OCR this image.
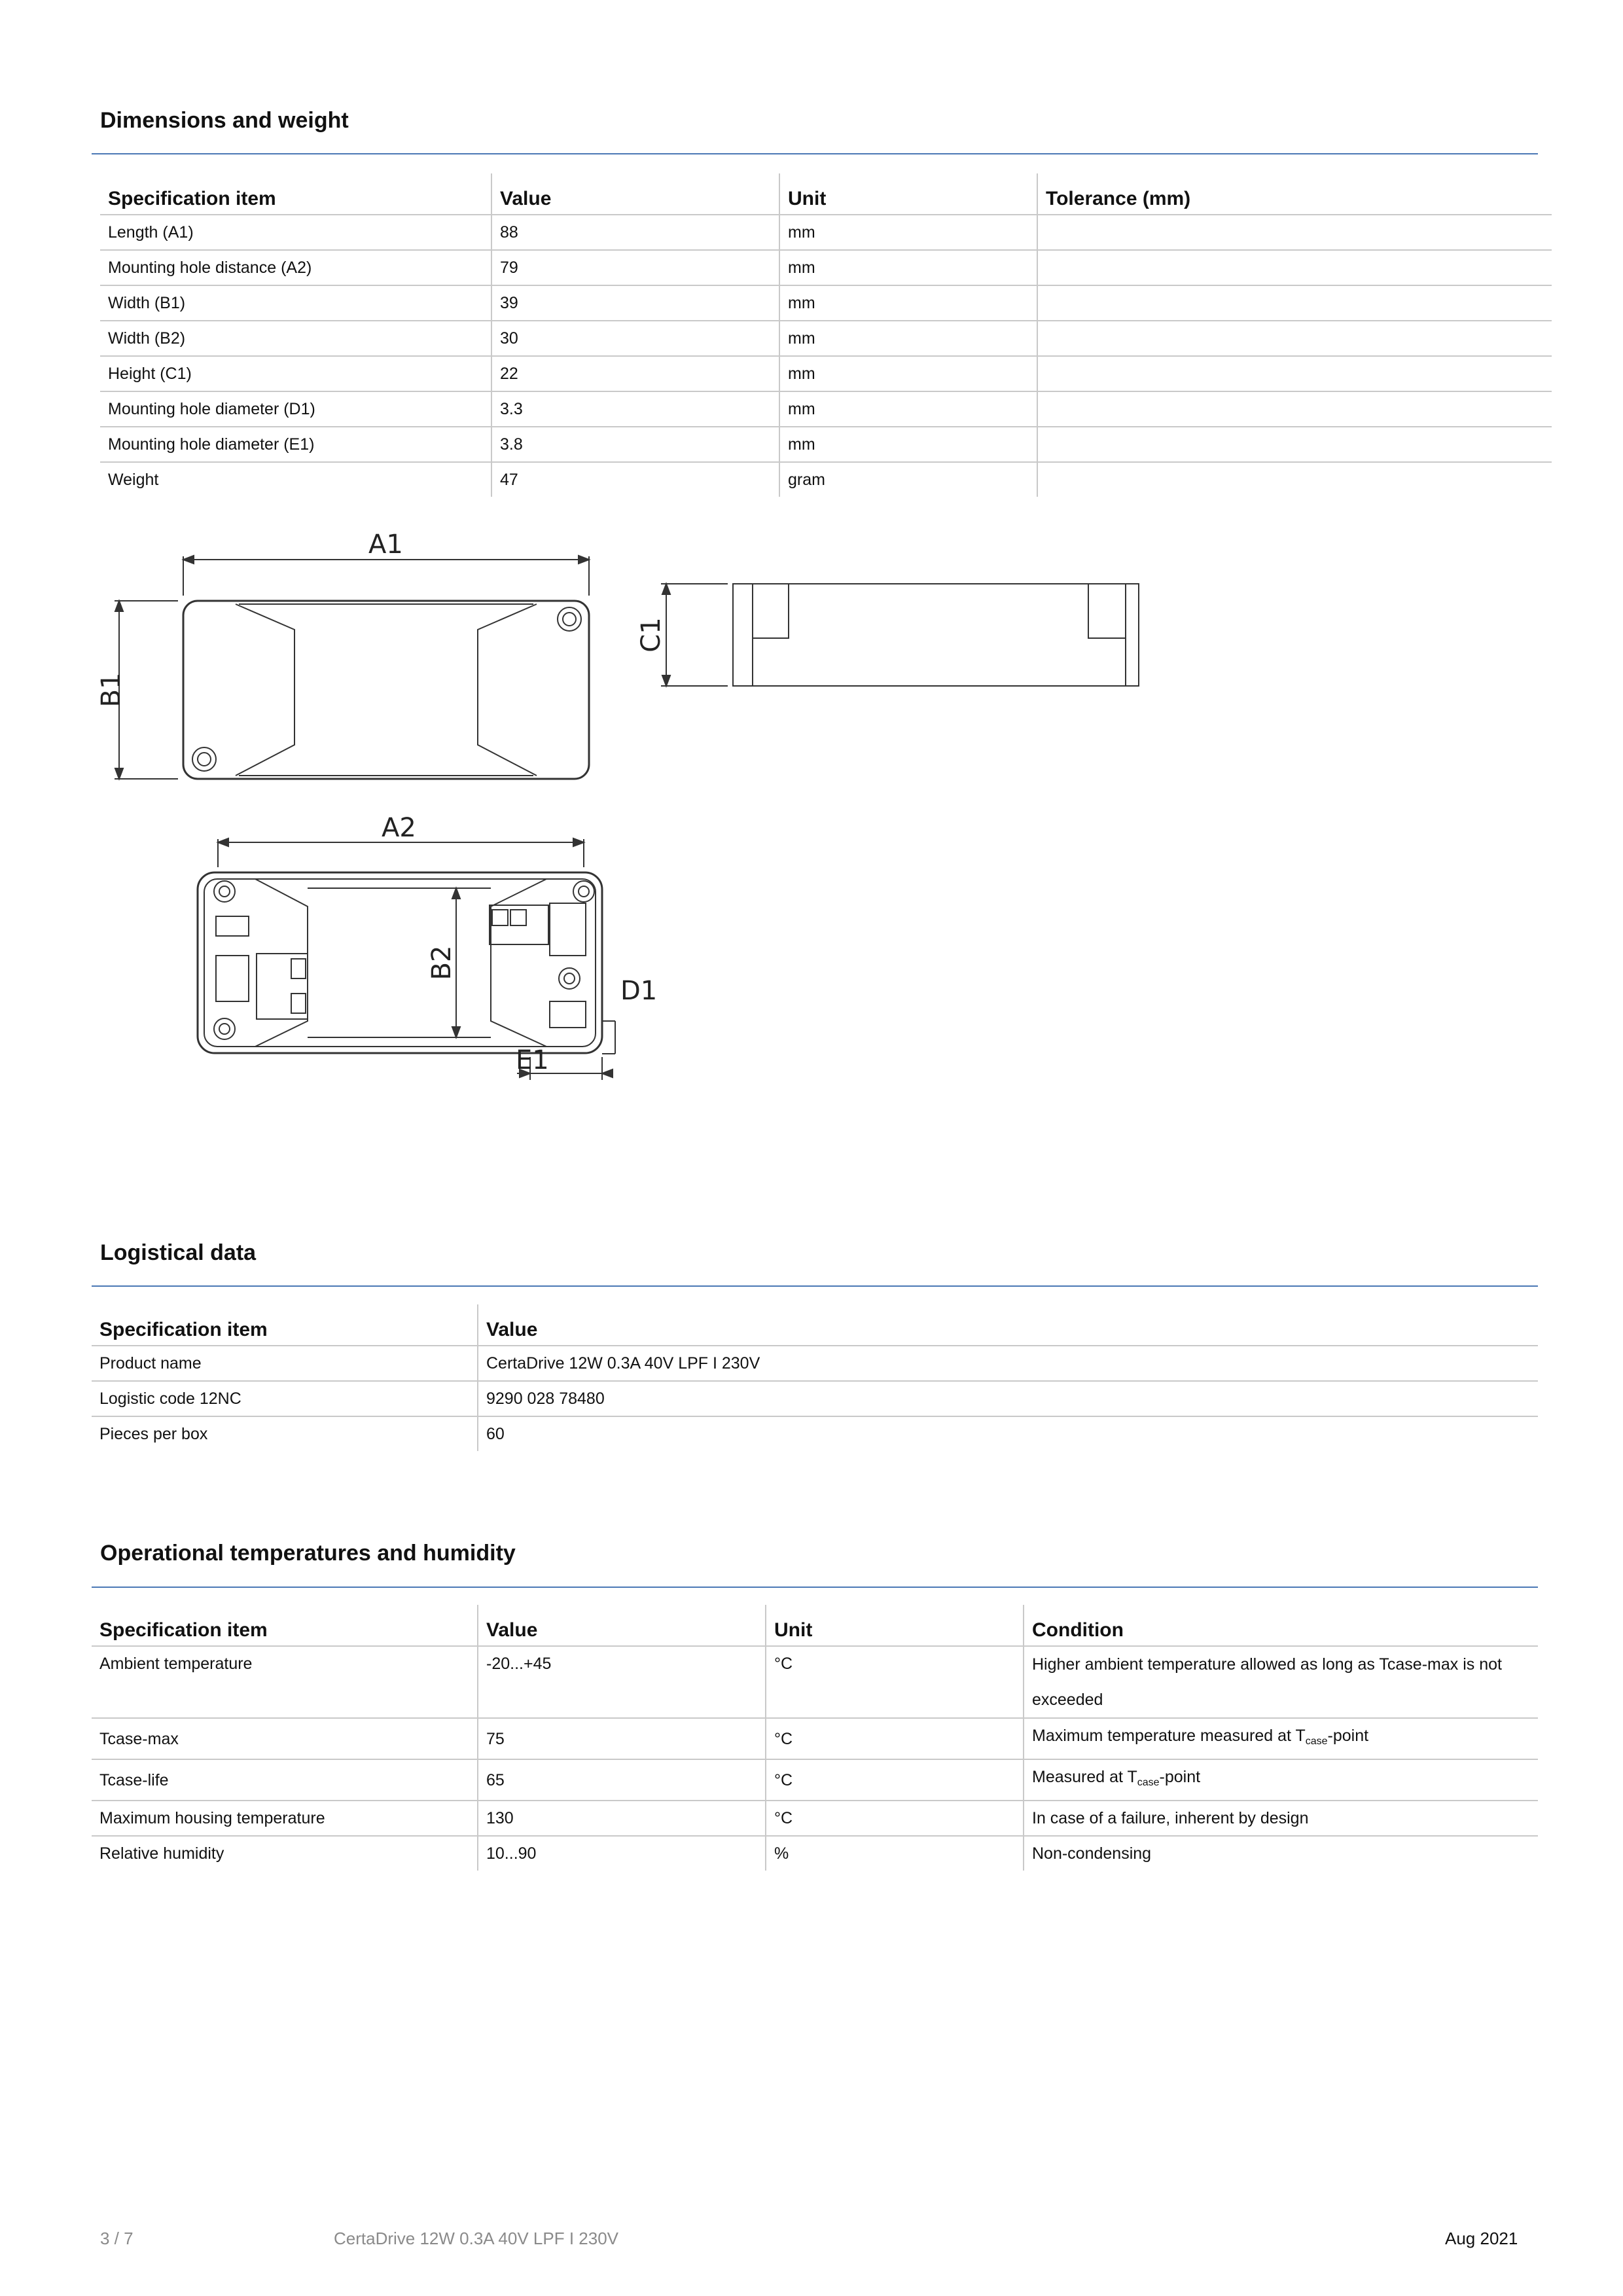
Dimensions and weight
Specification item	Value	Unit	Tolerance (mm)
Length (A1)	88	mm	
Mounting hole distance (A2)	79	mm	
Width (B1)	39	mm	
Width (B2)	30	mm	
Height (C1)	22	mm	
Mounting hole diameter (D1)	3.3	mm	
Mounting hole diameter (E1)	3.8	mm	
Weight	47	gram	
A1
B1
C1
A2
B2
D1
E1
Logistical data
Specification item	Value
Product name	CertaDrive 12W 0.3A 40V LPF I 230V
Logistic code 12NC	9290 028 78480
Pieces per box	60
Operational temperatures and humidity
Specification item	Value	Unit	Condition
Ambient temperature	-20...+45	°C	Higher ambient temperature allowed as long as Tcase-max is not exceeded
Tcase-max	75	°C	Maximum temperature measured at $T_{case}$-point
Tcase-life	65	°C	Measured at $T_{case}$-point
Maximum housing temperature	130	°C	In case of a failure, inherent by design
Relative humidity	10...90	%	Non-condensing
3 / 7	CertaDrive 12W 0.3A 40V LPF I 230V	Aug 2021
